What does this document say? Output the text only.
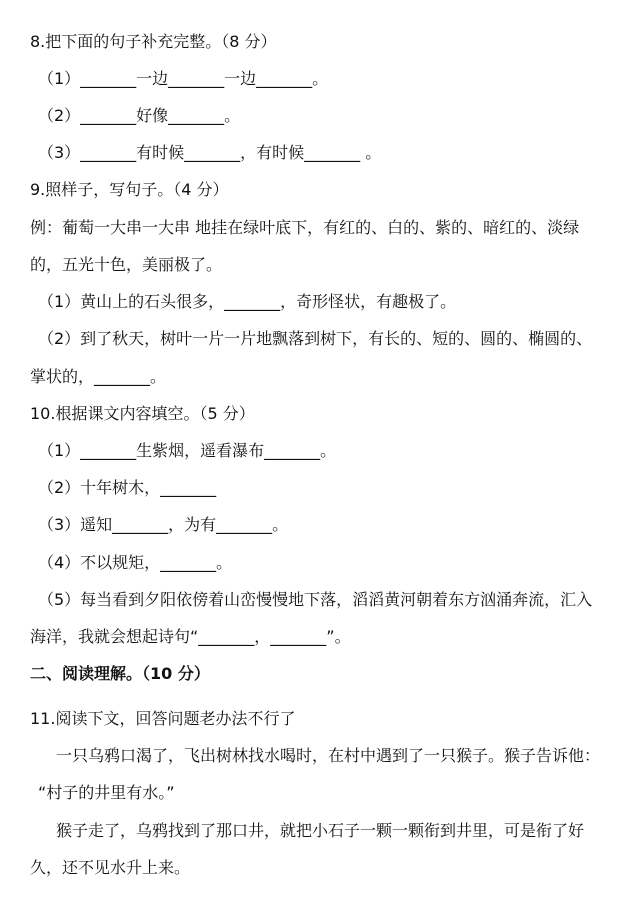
8.把下面的句子补充完整。（8 分）
（1）_______一边_______一边_______。
（2）_______好像_______。
（3）_______有时候_______，有时候_______ 。
9.照样子，写句子。（4 分）
例：葡萄一大串一大串 地挂在绿叶底下，有红的、白的、紫的、暗红的、淡绿
的，五光十色，美丽极了。
（1）黄山上的石头很多，_______，奇形怪状，有趣极了。
（2）到了秋天，树叶一片一片地飘落到树下，有长的、短的、圆的、椭圆的、
掌状的，_______。
10.根据课文内容填空。（5 分）
（1）_______生紫烟，遥看瀑布_______。
（2）十年树木，_______
（3）遥知_______，为有_______。
（4）不以规矩，_______。
（5）每当看到夕阳依傍着山峦慢慢地下落，滔滔黄河朝着东方汹涌奔流，汇入
海洋，我就会想起诗句“_______，_______”。
二、阅读理解。（10 分）
11.阅读下文，回答问题老办法不行了
一只乌鸦口渴了，飞出树林找水喝时，在村中遇到了一只猴子。猴子告诉他：
“村子的井里有水。”
猴子走了，乌鸦找到了那口井，就把小石子一颗一颗衔到井里，可是衔了好
久，还不见水升上来。
